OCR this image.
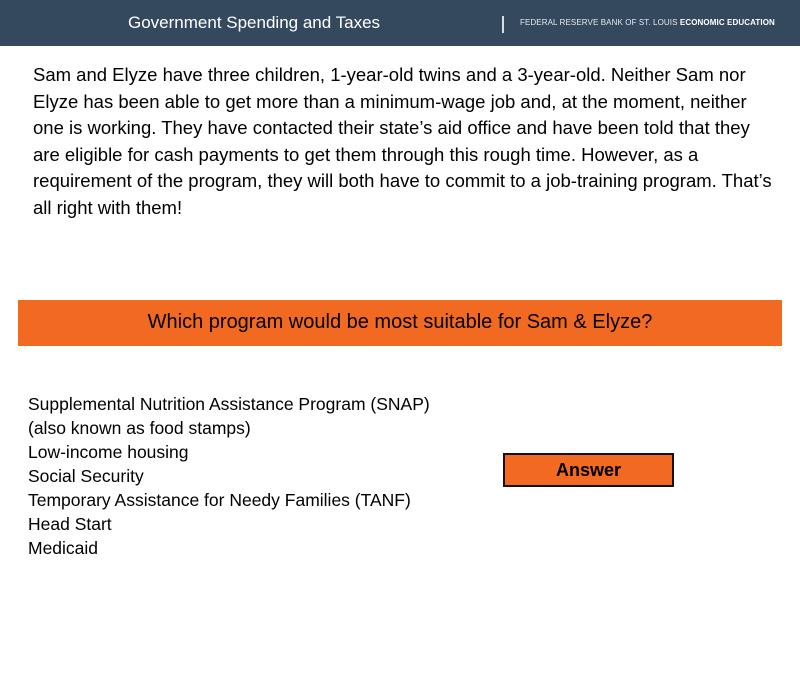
Government Spending and Taxes	FEDERAL RESERVE BANK OF ST. LOUIS ECONOMIC EDUCATION

Sam and Elyze have three children, 1-year-old twins and a 3-year-old. Neither Sam nor Elyze has been able to get more than a minimum-wage job and, at the moment, neither one is working. They have contacted their state’s aid office and have been told that they are eligible for cash payments to get them through this rough time. However, as a requirement of the program, they will both have to commit to a job-training program. That’s all right with them!

Which program would be most suitable for Sam & Elyze?
Supplemental Nutrition Assistance Program (SNAP)(also known as food stamps)
Low-income housing
Social Security
Temporary Assistance for Needy Families (TANF)
Head Start
Medicaid
Answer
